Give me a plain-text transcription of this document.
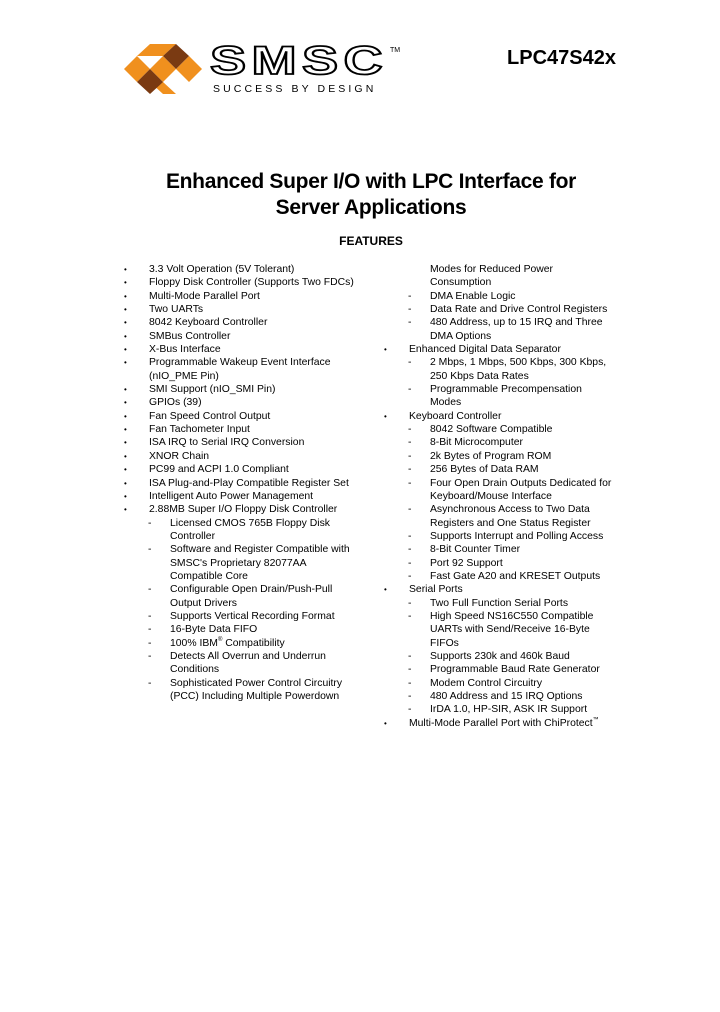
SMSC TM
SUCCESS BY DESIGN
LPC47S42x
Enhanced Super I/O with LPC Interface for
Server Applications
FEATURES
•	3.3 Volt Operation (5V Tolerant)
•	Floppy Disk Controller (Supports Two FDCs)
•	Multi-Mode Parallel Port
•	Two UARTs
•	8042 Keyboard Controller
•	SMBus Controller
•	X-Bus Interface
•	Programmable Wakeup Event Interface
(nIO_PME Pin)
•	SMI Support (nIO_SMI Pin)
•	GPIOs (39)
•	Fan Speed Control Output
•	Fan Tachometer Input
•	ISA IRQ to Serial IRQ Conversion
•	XNOR Chain
•	PC99 and ACPI 1.0 Compliant
•	ISA Plug-and-Play Compatible Register Set
•	Intelligent Auto Power Management
•	2.88MB Super I/O Floppy Disk Controller
- Licensed CMOS 765B Floppy Disk
Controller
- Software and Register Compatible with
SMSC's Proprietary 82077AA
Compatible Core
- Configurable Open Drain/Push-Pull
Output Drivers
- Supports Vertical Recording Format
- 16-Byte Data FIFO
- 100% IBM® Compatibility
- Detects All Overrun and Underrun
Conditions
- Sophisticated Power Control Circuitry
(PCC) Including Multiple Powerdown
Modes for Reduced Power
Consumption
- DMA Enable Logic
- Data Rate and Drive Control Registers
- 480 Address, up to 15 IRQ and Three
DMA Options
•	Enhanced Digital Data Separator
- 2 Mbps, 1 Mbps, 500 Kbps, 300 Kbps,
250 Kbps Data Rates
- Programmable Precompensation
Modes
•	Keyboard Controller
- 8042 Software Compatible
- 8-Bit Microcomputer
- 2k Bytes of Program ROM
- 256 Bytes of Data RAM
- Four Open Drain Outputs Dedicated for
Keyboard/Mouse Interface
- Asynchronous Access to Two Data
Registers and One Status Register
- Supports Interrupt and Polling Access
- 8-Bit Counter Timer
- Port 92 Support
- Fast Gate A20 and KRESET Outputs
•	Serial Ports
- Two Full Function Serial Ports
- High Speed NS16C550 Compatible
UARTs with Send/Receive 16-Byte
FIFOs
- Supports 230k and 460k Baud
- Programmable Baud Rate Generator
- Modem Control Circuitry
- 480 Address and 15 IRQ Options
- IrDA 1.0, HP-SIR, ASK IR Support
•	Multi-Mode Parallel Port with ChiProtect™
